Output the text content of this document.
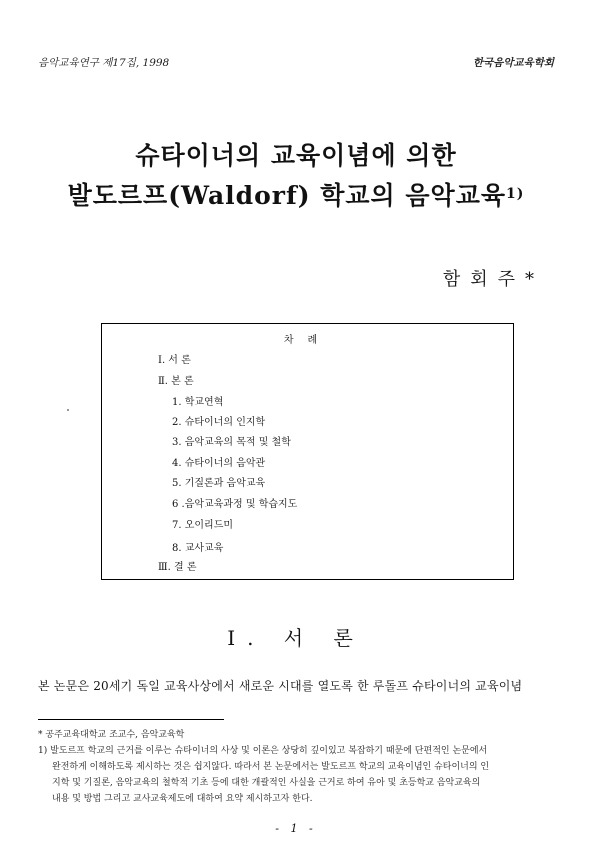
음악교육연구 제17집, 1998	한국음악교육학회
슈타이너의 교육이념에 의한
발도르프(Waldorf) 학교의 음악교육$^{1)}$
함회주*
차례
Ⅰ. 서 론
Ⅱ. 본 론
1. 학교연혁
2. 슈타이너의 인지학
3. 음악교육의 목적 및 철학
4. 슈타이너의 음악관
5. 기질론과 음악교육
6 .음악교육과정 및 학습지도
7. 오이리드미
8. 교사교육
Ⅲ. 결 론
Ⅰ. 서 론
본 논문은 20세기 독일 교육사상에서 새로운 시대를 열도록 한 루돌프 슈타이너의 교육이념
* 공주교육대학교 조교수, 음악교육학
1) 발도르프 학교의 근거를 이루는 슈타이너의 사상 및 이론은 상당히 깊이있고 복잡하기 때문에 단편적인 논문에서
완전하게 이해하도록 제시하는 것은 쉽지않다. 따라서 본 논문에서는 발도르프 학교의 교육이념인 슈타이너의 인
지학 및 기질론, 음악교육의 철학적 기초 등에 대한 개괄적인 사실을 근거로 하여 유아 및 초등학교 음악교육의
내용 및 방법 그리고 교사교육제도에 대하여 요약 제시하고자 한다.
- 1 -
